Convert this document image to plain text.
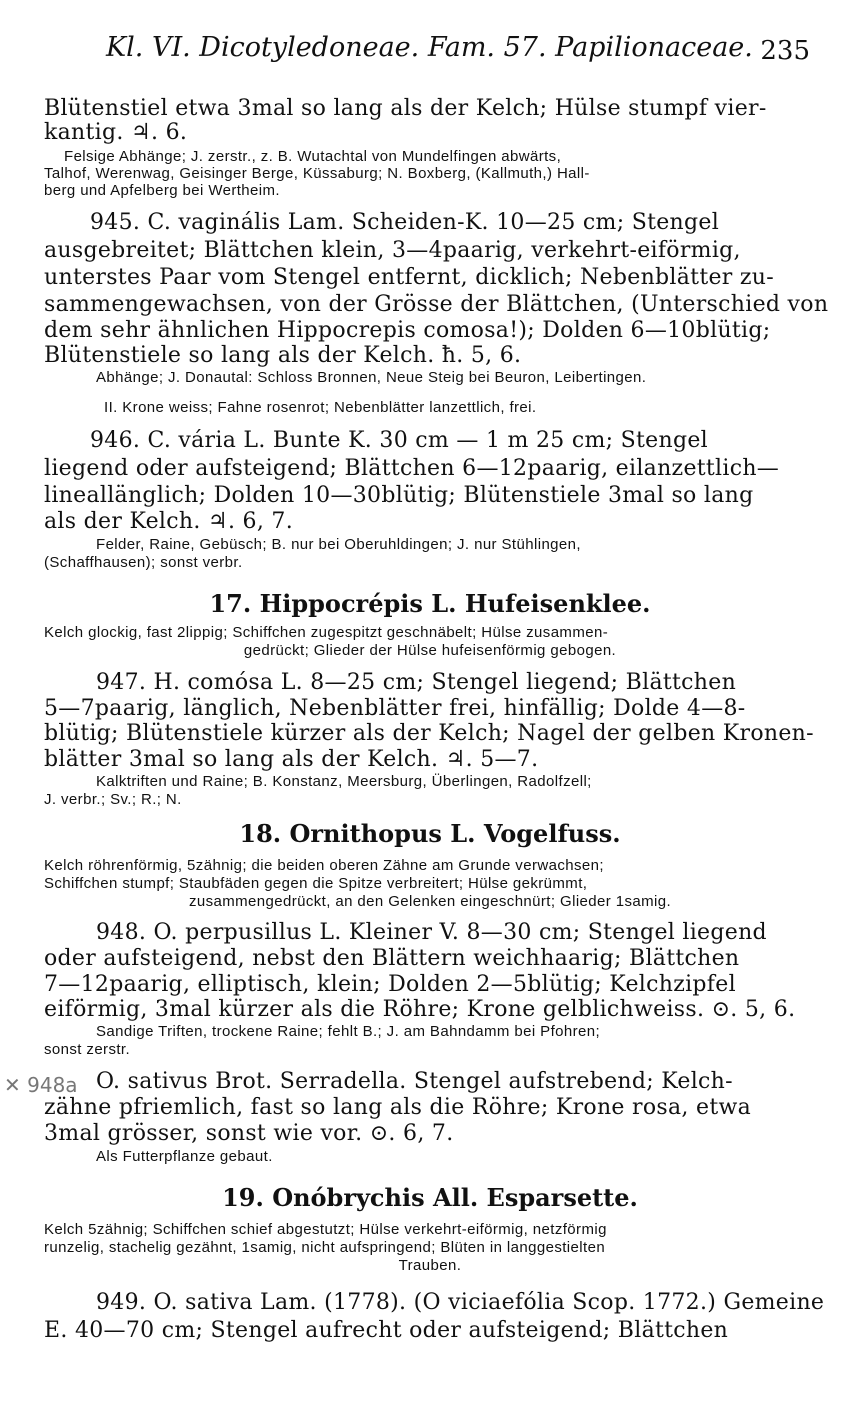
Kl. VI. Dicotyledoneae. Fam. 57. Papilionaceae. 235
✕ 948a
Blütenstiel etwa 3mal so lang als der Kelch; Hülse stumpf vier-
kantig. ♃. 6.
Felsige Abhänge; J. zerstr., z. B. Wutachtal von Mundelfingen abwärts,
Talhof, Werenwag, Geisinger Berge, Küssaburg; N. Boxberg, (Kallmuth,) Hall-
berg und Apfelberg bei Wertheim.
945. C. vaginális Lam. Scheiden-K. 10—25 cm; Stengel
ausgebreitet; Blättchen klein, 3—4paarig, verkehrt-eiförmig,
unterstes Paar vom Stengel entfernt, dicklich; Nebenblätter zu-
sammengewachsen, von der Grösse der Blättchen, (Unterschied von
dem sehr ähnlichen Hippocrepis comosa!); Dolden 6—10blütig;
Blütenstiele so lang als der Kelch. ħ. 5, 6.
Abhänge; J. Donautal: Schloss Bronnen, Neue Steig bei Beuron, Leibertingen.
II. Krone weiss; Fahne rosenrot; Nebenblätter lanzettlich, frei.
946. C. vária L. Bunte K. 30 cm — 1 m 25 cm; Stengel
liegend oder aufsteigend; Blättchen 6—12paarig, eilanzettlich—
lineallänglich; Dolden 10—30blütig; Blütenstiele 3mal so lang
als der Kelch. ♃. 6, 7.
Felder, Raine, Gebüsch; B. nur bei Oberuhldingen; J. nur Stühlingen,
(Schaffhausen); sonst verbr.
17. Hippocrépis L. Hufeisenklee.
Kelch glockig, fast 2lippig; Schiffchen zugespitzt geschnäbelt; Hülse zusammen-
gedrückt; Glieder der Hülse hufeisenförmig gebogen.
947. H. comósa L. 8—25 cm; Stengel liegend; Blättchen
5—7paarig, länglich, Nebenblätter frei, hinfällig; Dolde 4—8-
blütig; Blütenstiele kürzer als der Kelch; Nagel der gelben Kronen-
blätter 3mal so lang als der Kelch. ♃. 5—7.
Kalktriften und Raine; B. Konstanz, Meersburg, Überlingen, Radolfzell;
J. verbr.; Sv.; R.; N.
18. Ornithopus L. Vogelfuss.
Kelch röhrenförmig, 5zähnig; die beiden oberen Zähne am Grunde verwachsen;
Schiffchen stumpf; Staubfäden gegen die Spitze verbreitert; Hülse gekrümmt,
zusammengedrückt, an den Gelenken eingeschnürt; Glieder 1samig.
948. O. perpusillus L. Kleiner V. 8—30 cm; Stengel liegend
oder aufsteigend, nebst den Blättern weichhaarig; Blättchen
7—12paarig, elliptisch, klein; Dolden 2—5blütig; Kelchzipfel
eiförmig, 3mal kürzer als die Röhre; Krone gelblichweiss. ⊙. 5, 6.
Sandige Triften, trockene Raine; fehlt B.; J. am Bahndamm bei Pfohren;
sonst zerstr.
O. sativus Brot. Serradella. Stengel aufstrebend; Kelch-
zähne pfriemlich, fast so lang als die Röhre; Krone rosa, etwa
3mal grösser, sonst wie vor. ⊙. 6, 7.
Als Futterpflanze gebaut.
19. Onóbrychis All. Esparsette.
Kelch 5zähnig; Schiffchen schief abgestutzt; Hülse verkehrt-eiförmig, netzförmig
runzelig, stachelig gezähnt, 1samig, nicht aufspringend; Blüten in langgestielten
Trauben.
949. O. sativa Lam. (1778). (O viciaefólia Scop. 1772.) Gemeine
E. 40—70 cm; Stengel aufrecht oder aufsteigend; Blättchen
